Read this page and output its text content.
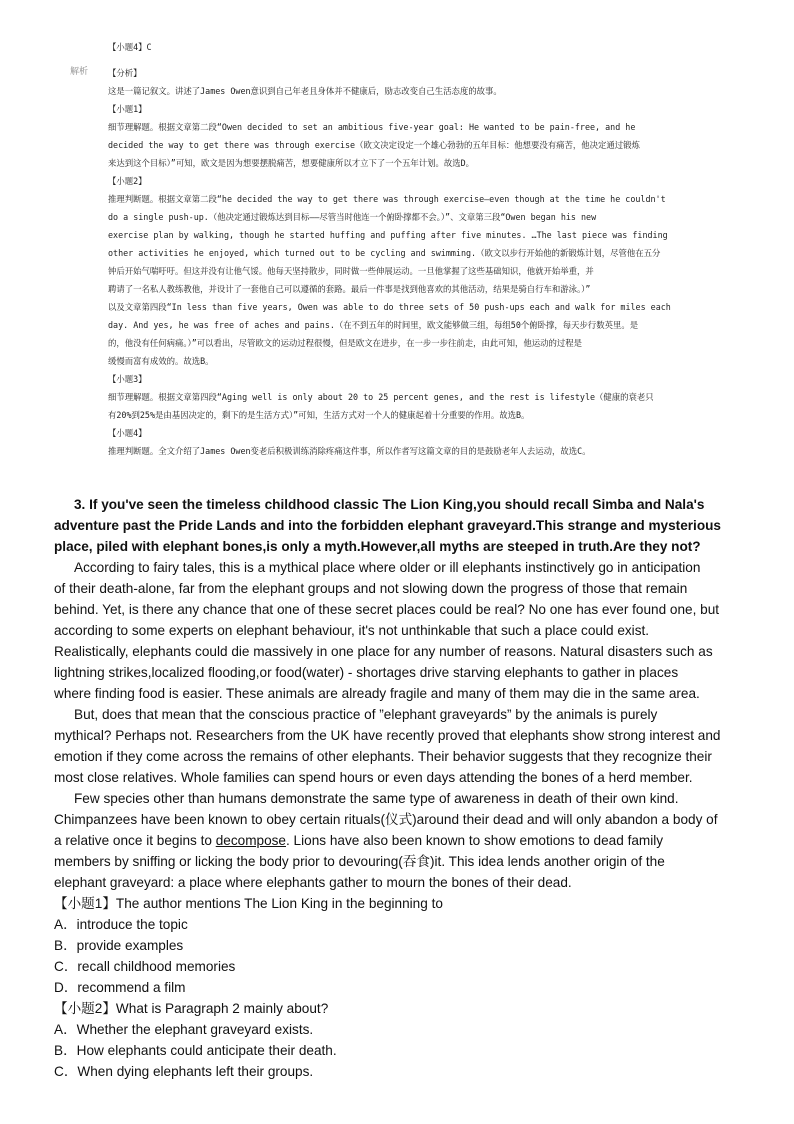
【小题4】C
解析 【分析】
这是一篇记叙文。讲述了James Owen意识到自己年老且身体并不健康后，励志改变自己生活态度的故事。
【小题1】
细节理解题。根据文章第二段“Owen decided to set an ambitious five-year goal: He wanted to be pain-free, and he
decided the way to get there was through exercise（欧文决定设定一个雄心勃勃的五年目标：他想要没有痛苦，他决定通过锻炼
来达到这个目标）”可知，欧文是因为想要摆脱痛苦，想要健康所以才立下了一个五年计划。故选D。
【小题2】
推理判断题。根据文章第二段“he decided the way to get there was through exercise—even though at the time he couldn't
do a single push-up.（他决定通过锻炼达到目标——尽管当时他连一个俯卧撑都不会。）”、文章第三段“Owen began his new
exercise plan by walking, though he started huffing and puffing after five minutes. …The last piece was finding
other activities he enjoyed, which turned out to be cycling and swimming.（欧文以步行开始他的新锻炼计划，尽管他在五分
钟后开始气喘吁吁。但这并没有让他气馁。他每天坚持散步，同时做一些伸展运动。一旦他掌握了这些基础知识，他就开始举重，并
聘请了一名私人教练教他，并设计了一套他自己可以遵循的套路。最后一件事是找到他喜欢的其他活动，结果是骑自行车和游泳。）”
以及文章第四段“In less than five years, Owen was able to do three sets of 50 push-ups each and walk for miles each
day. And yes, he was free of aches and pains.（在不到五年的时间里，欧文能够做三组，每组50个俯卧撑，每天步行数英里。是
的，他没有任何病痛。）”可以看出，尽管欧文的运动过程很慢，但是欧文在进步，在一步一步往前走，由此可知，他运动的过程是
缓慢而富有成效的。故选B。
【小题3】
细节理解题。根据文章第四段“Aging well is only about 20 to 25 percent genes, and the rest is lifestyle（健康的衰老只
有20%到25%是由基因决定的，剩下的是生活方式）”可知，生活方式对一个人的健康起着十分重要的作用。故选B。
【小题4】
推理判断题。全文介绍了James Owen变老后积极训练消除疼痛这件事，所以作者写这篇文章的目的是鼓励老年人去运动，故选C。
3. If you've seen the timeless childhood classic The Lion King,you should recall Simba and Nala's
adventure past the Pride Lands and into the forbidden elephant graveyard.This strange and mysterious
place, piled with elephant bones,is only a myth.However,all myths are steeped in truth.Are they not?
According to fairy tales, this is a mythical place where older or ill elephants instinctively go in anticipation
of their death-alone, far from the elephant groups and not slowing down the progress of those that remain
behind. Yet, is there any chance that one of these secret places could be real? No one has ever found one, but
according to some experts on elephant behaviour, it's not unthinkable that such a place could exist.
Realistically, elephants could die massively in one place for any number of reasons. Natural disasters such as
lightning strikes,localized flooding,or food(water) - shortages drive starving elephants to gather in places
where finding food is easier. These animals are already fragile and many of them may die in the same area.
But, does that mean that the conscious practice of ”elephant graveyards” by the animals is purely
mythical? Perhaps not. Researchers from the UK have recently proved that elephants show strong interest and
emotion if they come across the remains of other elephants. Their behavior suggests that they recognize their
most close relatives. Whole families can spend hours or even days attending the bones of a herd member.
Few species other than humans demonstrate the same type of awareness in death of their own kind.
Chimpanzees have been known to obey certain rituals(仪式)around their dead and will only abandon a body of
a relative once it begins to decompose. Lions have also been known to show emotions to dead family
members by sniffing or licking the body prior to devouring(吞食)it. This idea lends another origin of the
elephant graveyard: a place where elephants gather to mourn the bones of their dead.
【小题1】The author mentions The Lion King in the beginning to
A．introduce the topic
B．provide examples
C．recall childhood memories
D．recommend a film
【小题2】What is Paragraph 2 mainly about?
A．Whether the elephant graveyard exists.
B．How elephants could anticipate their death.
C．When dying elephants left their groups.
